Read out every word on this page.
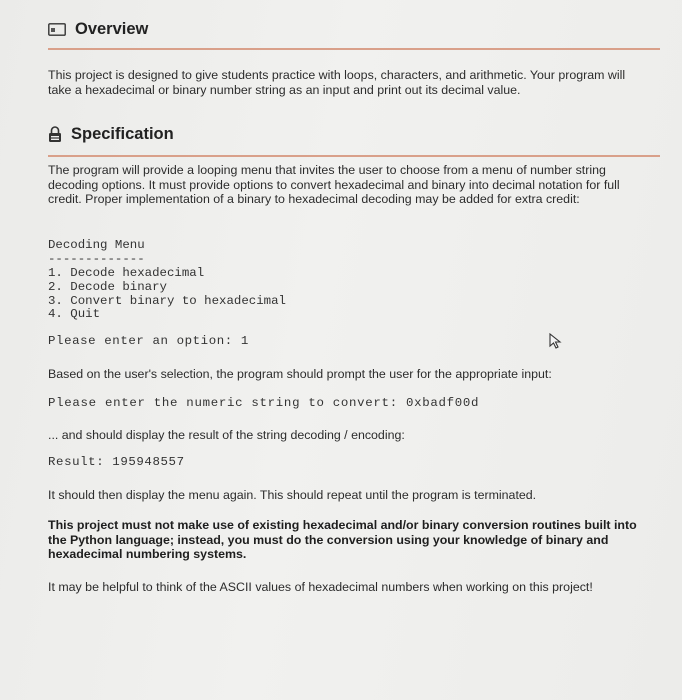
Overview
This project is designed to give students practice with loops, characters, and arithmetic. Your program will take a hexadecimal or binary number string as an input and print out its decimal value.
Specification
The program will provide a looping menu that invites the user to choose from a menu of number string decoding options. It must provide options to convert hexadecimal and binary into decimal notation for full credit. Proper implementation of a binary to hexadecimal decoding may be added for extra credit:
Decoding Menu
-------------
1. Decode hexadecimal
2. Decode binary
3. Convert binary to hexadecimal
4. Quit
Please enter an option: 1
Based on the user's selection, the program should prompt the user for the appropriate input:
Please enter the numeric string to convert: 0xbadf00d
... and should display the result of the string decoding / encoding:
Result: 195948557
It should then display the menu again. This should repeat until the program is terminated.
This project must not make use of existing hexadecimal and/or binary conversion routines built into the Python language; instead, you must do the conversion using your knowledge of binary and hexadecimal numbering systems.
It may be helpful to think of the ASCII values of hexadecimal numbers when working on this project!
